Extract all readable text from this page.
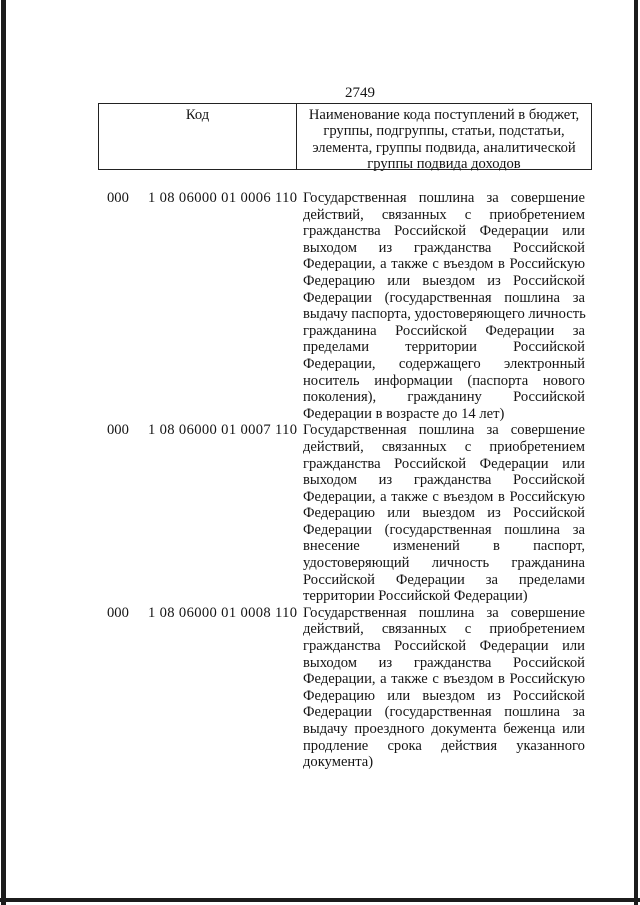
2749
Код	Наименование кода поступлений в бюджет,
группы, подгруппы, статьи, подстатьи,
элемента, группы подвида, аналитической
группы подвида доходов
000 1 08 06000 01 0006 110 Государственная пошлина за совершение
действий, связанных с приобретением
гражданства Российской Федерации или
выходом из гражданства Российской
Федерации, а также с въездом в Российскую
Федерацию или выездом из Российской
Федерации (государственная пошлина за
выдачу паспорта, удостоверяющего личность
гражданина Российской Федерации за
пределами территории Российской
Федерации, содержащего электронный
носитель информации (паспорта нового
поколения), гражданину Российской
Федерации в возрасте до 14 лет)
000 1 08 06000 01 0007 110 Государственная пошлина за совершение
действий, связанных с приобретением
гражданства Российской Федерации или
выходом из гражданства Российской
Федерации, а также с въездом в Российскую
Федерацию или выездом из Российской
Федерации (государственная пошлина за
внесение изменений в паспорт,
удостоверяющий личность гражданина
Российской Федерации за пределами
территории Российской Федерации)
000 1 08 06000 01 0008 110 Государственная пошлина за совершение
действий, связанных с приобретением
гражданства Российской Федерации или
выходом из гражданства Российской
Федерации, а также с въездом в Российскую
Федерацию или выездом из Российской
Федерации (государственная пошлина за
выдачу проездного документа беженца или
продление срока действия указанного
документа)
